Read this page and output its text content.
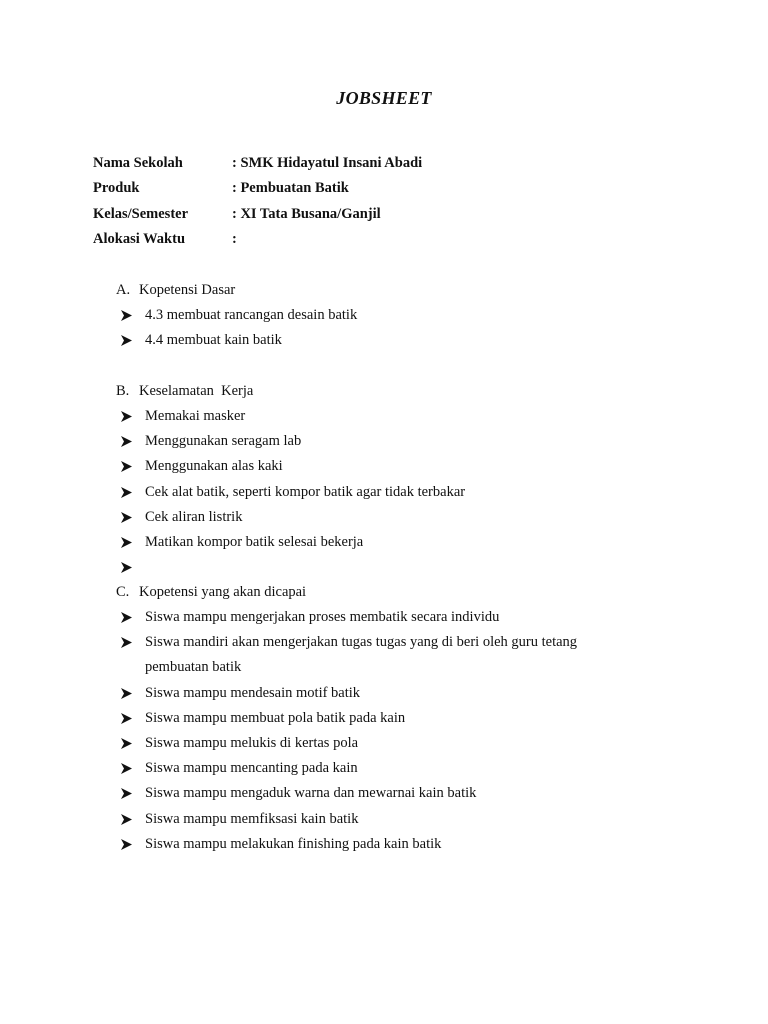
JOBSHEET
Nama Sekolah	: SMK Hidayatul Insani Abadi
Produk	: Pembuatan Batik
Kelas/Semester	: XI Tata Busana/Ganjil
Alokasi Waktu	:
A. Kopetensi Dasar
4.3 membuat rancangan desain batik
4.4 membuat kain batik
B. Keselamatan  Kerja
Memakai masker
Menggunakan seragam lab
Menggunakan alas kaki
Cek alat batik, seperti kompor batik agar tidak terbakar
Cek aliran listrik
Matikan kompor batik selesai bekerja
C. Kopetensi yang akan dicapai
Siswa mampu mengerjakan proses membatik secara individu
Siswa mandiri akan mengerjakan tugas tugas yang di beri oleh guru tetang pembuatan batik
Siswa mampu mendesain motif batik
Siswa mampu membuat pola batik pada kain
Siswa mampu melukis di kertas pola
Siswa mampu mencanting pada kain
Siswa mampu mengaduk warna dan mewarnai kain batik
Siswa mampu memfiksasi kain batik
Siswa mampu melakukan finishing pada kain batik
